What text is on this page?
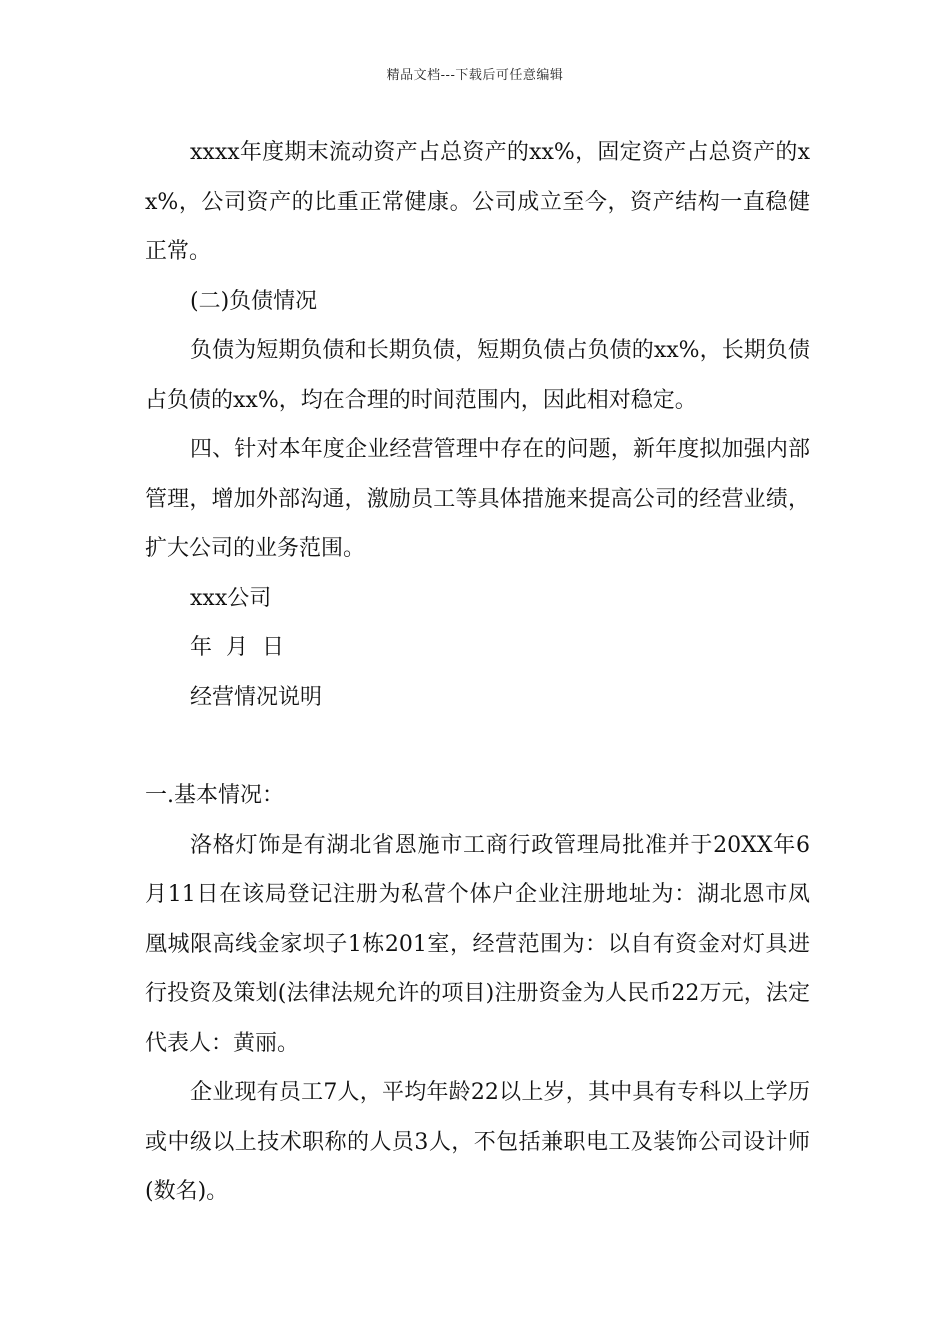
精品文档---下载后可任意编辑

xxxx年度期末流动资产占总资产的xx%，固定资产占总资产的xx%，公司资产的比重正常健康。公司成立至今，资产结构一直稳健正常。

(二)负债情况

负债为短期负债和长期负债，短期负债占负债的xx%，长期负债占负债的xx%，均在合理的时间范围内，因此相对稳定。

四、针对本年度企业经营管理中存在的问题，新年度拟加强内部管理，增加外部沟通，激励员工等具体措施来提高公司的经营业绩，扩大公司的业务范围。

xxx公司

年  月  日

经营情况说明

一.基本情况：

洛格灯饰是有湖北省恩施市工商行政管理局批准并于20XX年6月11日在该局登记注册为私营个体户企业注册地址为：湖北恩市凤凰城限高线金家坝子1栋201室，经营范围为：以自有资金对灯具进行投资及策划(法律法规允许的项目)注册资金为人民币22万元，法定代表人：黄丽。

企业现有员工7人，平均年龄22以上岁，其中具有专科以上学历或中级以上技术职称的人员3人，不包括兼职电工及装饰公司设计师(数名)。
